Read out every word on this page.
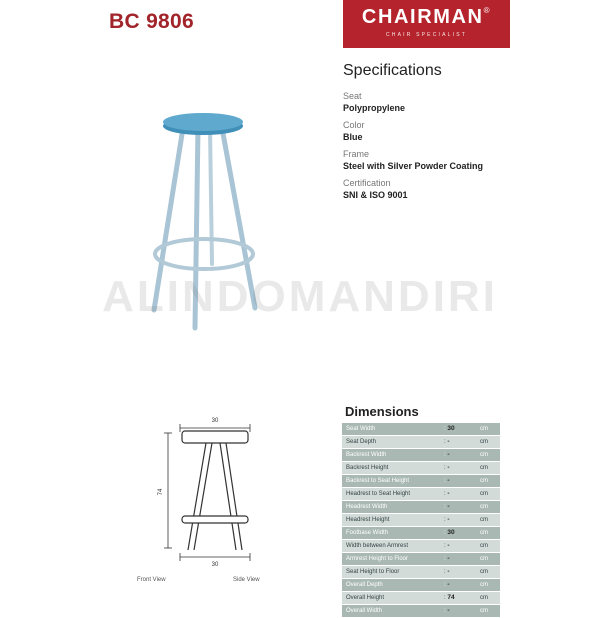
BC 9806	CHAIRMAN®
CHAIR SPECIALIST
Specifications
Seat
Polypropylene
Color
Blue
Frame
Steel with Silver Powder Coating
Certification
SNI & ISO 9001
ALINDOMANDIRI
30
74
30
Front View	Side View
Dimensions
Seat Width	: 30	cm
Seat Depth	: -	cm
Backrest Width	: -	cm
Backrest Height	: -	cm
Backrest to Seat Height	: -	cm
Headrest to Seat Height	: -	cm
Headrest Width	: -	cm
Headrest Height	: -	cm
Footbase Width	: 30	cm
Width between Armrest	: -	cm
Armrest Height to Floor	: -	cm
Seat Height to Floor	: -	cm
Overall Depth	: -	cm
Overall Height	: 74	cm
Overall Width	: -	cm
